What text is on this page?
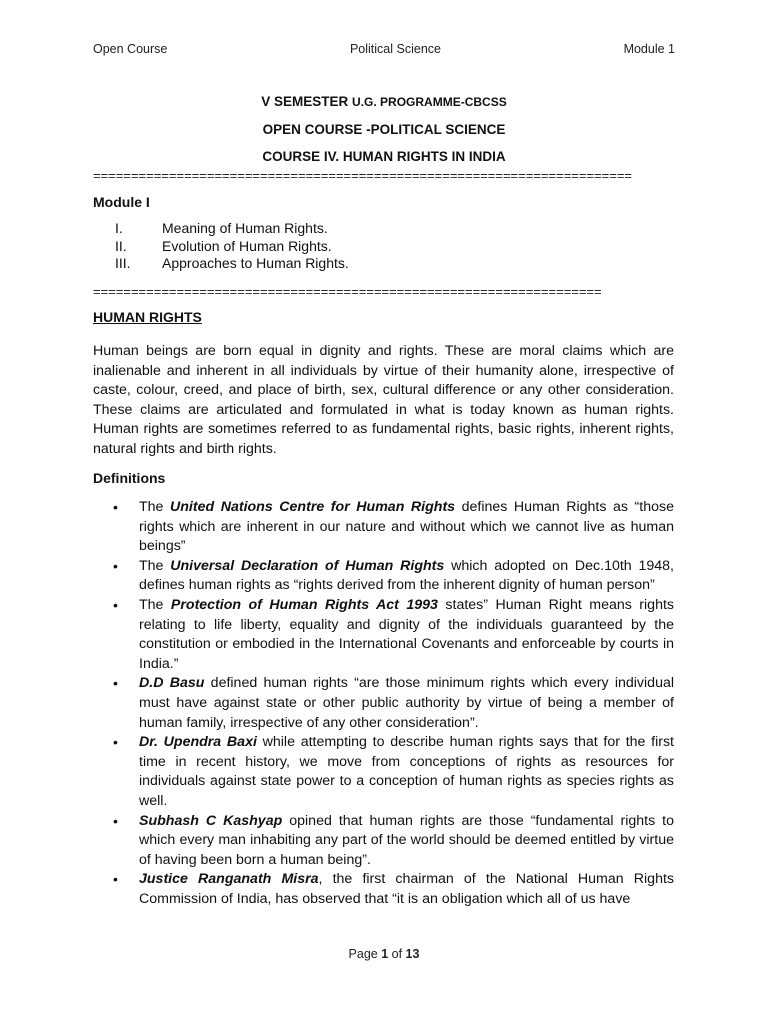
Open Course	Political Science	Module 1
V SEMESTER U.G. PROGRAMME-CBCSS
OPEN COURSE -POLITICAL SCIENCE
COURSE IV. HUMAN RIGHTS IN INDIA
=======================================================================
Module I
I.	Meaning of Human Rights.
II.	Evolution of Human Rights.
III.	Approaches to Human Rights.
===================================================================
HUMAN RIGHTS

Human beings are born equal in dignity and rights. These are moral claims which are inalienable and inherent in all individuals by virtue of their humanity alone, irrespective of caste, colour, creed, and place of birth, sex, cultural difference or any other consideration. These claims are articulated and formulated in what is today known as human rights. Human rights are sometimes referred to as fundamental rights, basic rights, inherent rights, natural rights and birth rights.

Definitions
• The United Nations Centre for Human Rights defines Human Rights as “those rights which are inherent in our nature and without which we cannot live as human beings”
• The Universal Declaration of Human Rights which adopted on Dec.10th 1948, defines human rights as “rights derived from the inherent dignity of human person”
• The Protection of Human Rights Act 1993 states” Human Right means rights relating to life liberty, equality and dignity of the individuals guaranteed by the constitution or embodied in the International Covenants and enforceable by courts in India.”
• D.D Basu defined human rights “are those minimum rights which every individual must have against state or other public authority by virtue of being a member of human family, irrespective of any other consideration”.
• Dr. Upendra Baxi while attempting to describe human rights says that for the first time in recent history, we move from conceptions of rights as resources for individuals against state power to a conception of human rights as species rights as well.
• Subhash C Kashyap opined that human rights are those “fundamental rights to which every man inhabiting any part of the world should be deemed entitled by virtue of having been born a human being”.
• Justice Ranganath Misra, the first chairman of the National Human Rights Commission of India, has observed that “it is an obligation which all of us have
Page 1 of 13
